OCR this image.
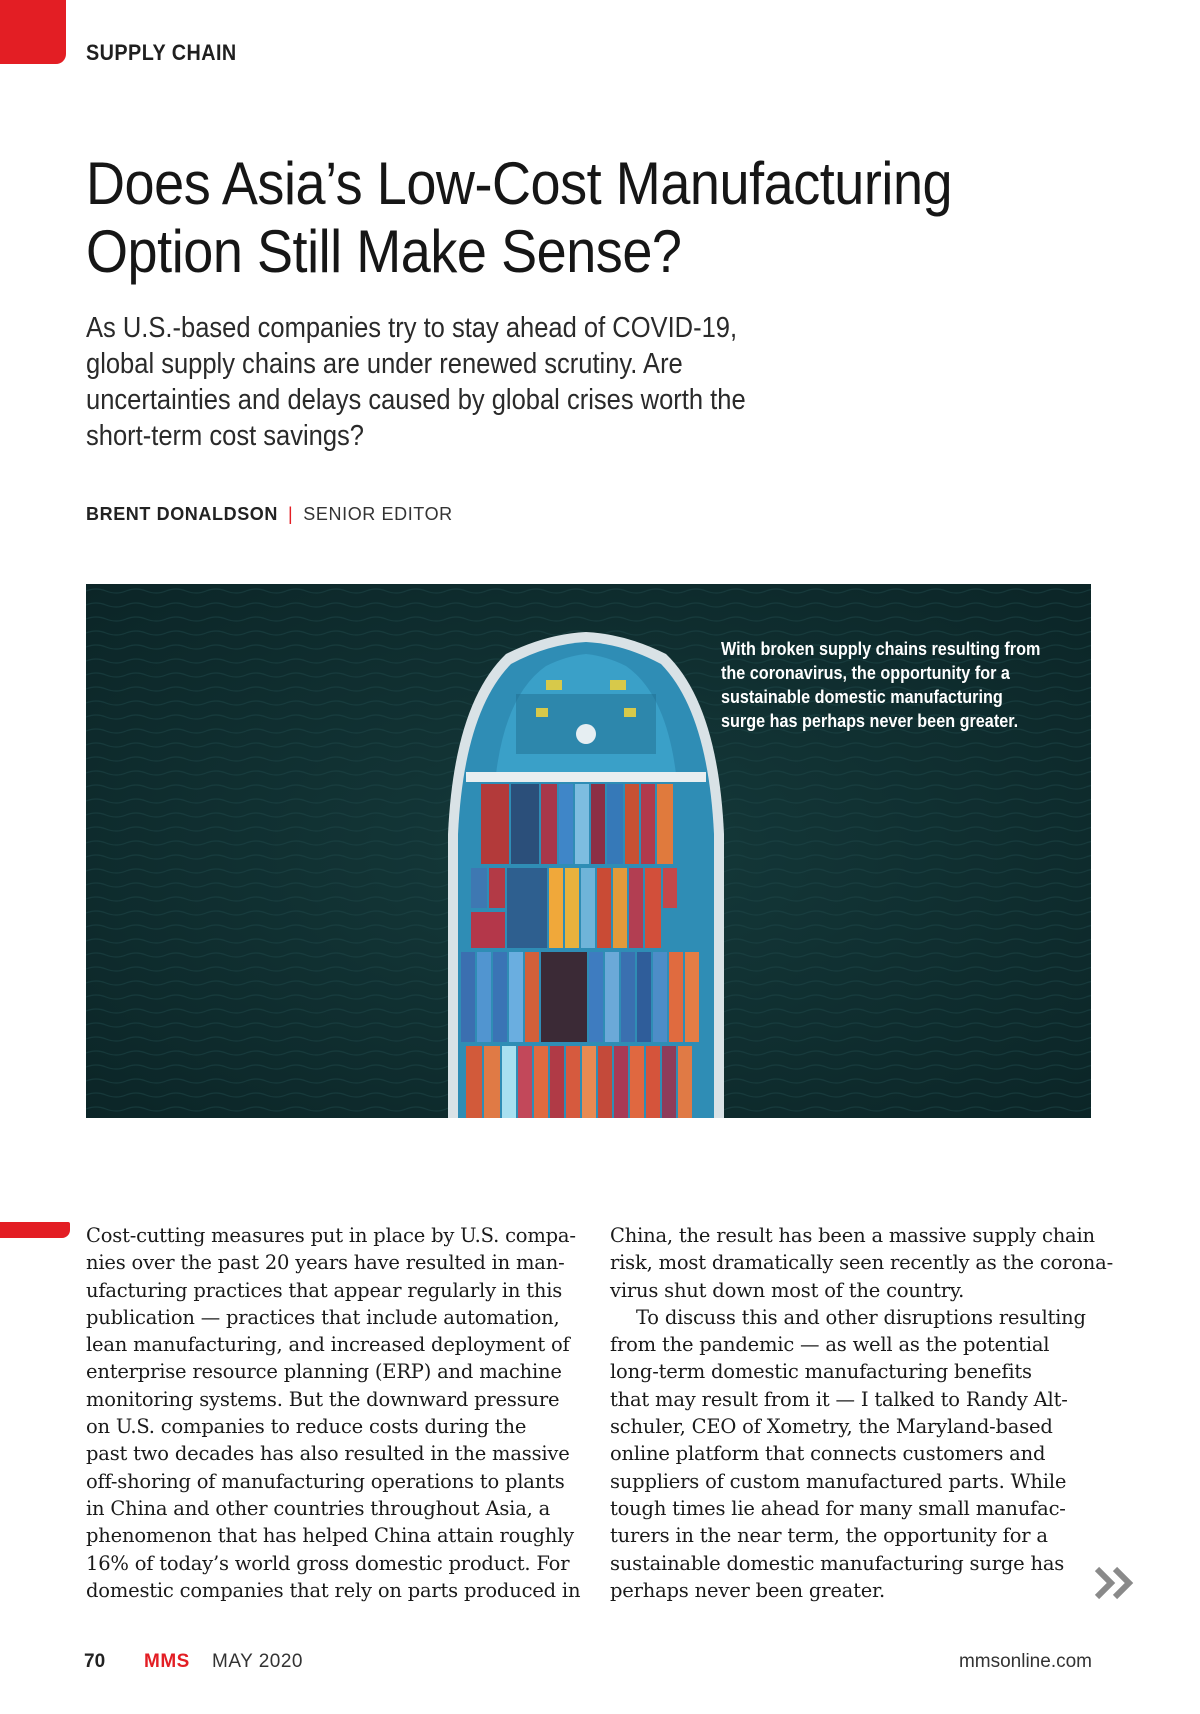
SUPPLY CHAIN
Does Asia’s Low-Cost Manufacturing Option Still Make Sense?

As U.S.-based companies try to stay ahead of COVID-19, global supply chains are under renewed scrutiny. Are uncertainties and delays caused by global crises worth the short-term cost savings?

BRENT DONALDSON | SENIOR EDITOR
With broken supply chains resulting from the coronavirus, the opportunity for a sustainable domestic manufacturing surge has perhaps never been greater.

Cost-cutting measures put in place by U.S. compa-
nies over the past 20 years have resulted in man-
ufacturing practices that appear regularly in this
publication — practices that include automation,
lean manufacturing, and increased deployment of
enterprise resource planning (ERP) and machine
monitoring systems. But the downward pressure
on U.S. companies to reduce costs during the
past two decades has also resulted in the massive
off-shoring of manufacturing operations to plants
in China and other countries throughout Asia, a
phenomenon that has helped China attain roughly
16% of today’s world gross domestic product. For
domestic companies that rely on parts produced in

China, the result has been a massive supply chain
risk, most dramatically seen recently as the corona-
virus shut down most of the country.

To discuss this and other disruptions resulting
from the pandemic — as well as the potential
long-term domestic manufacturing benefits
that may result from it — I talked to Randy Alt-
schuler, CEO of Xometry, the Maryland-based
online platform that connects customers and
suppliers of custom manufactured parts. While
tough times lie ahead for many small manufac-
turers in the near term, the opportunity for a
sustainable domestic manufacturing surge has
perhaps never been greater.

70 MMS MAY 2020	mmsonline.com
